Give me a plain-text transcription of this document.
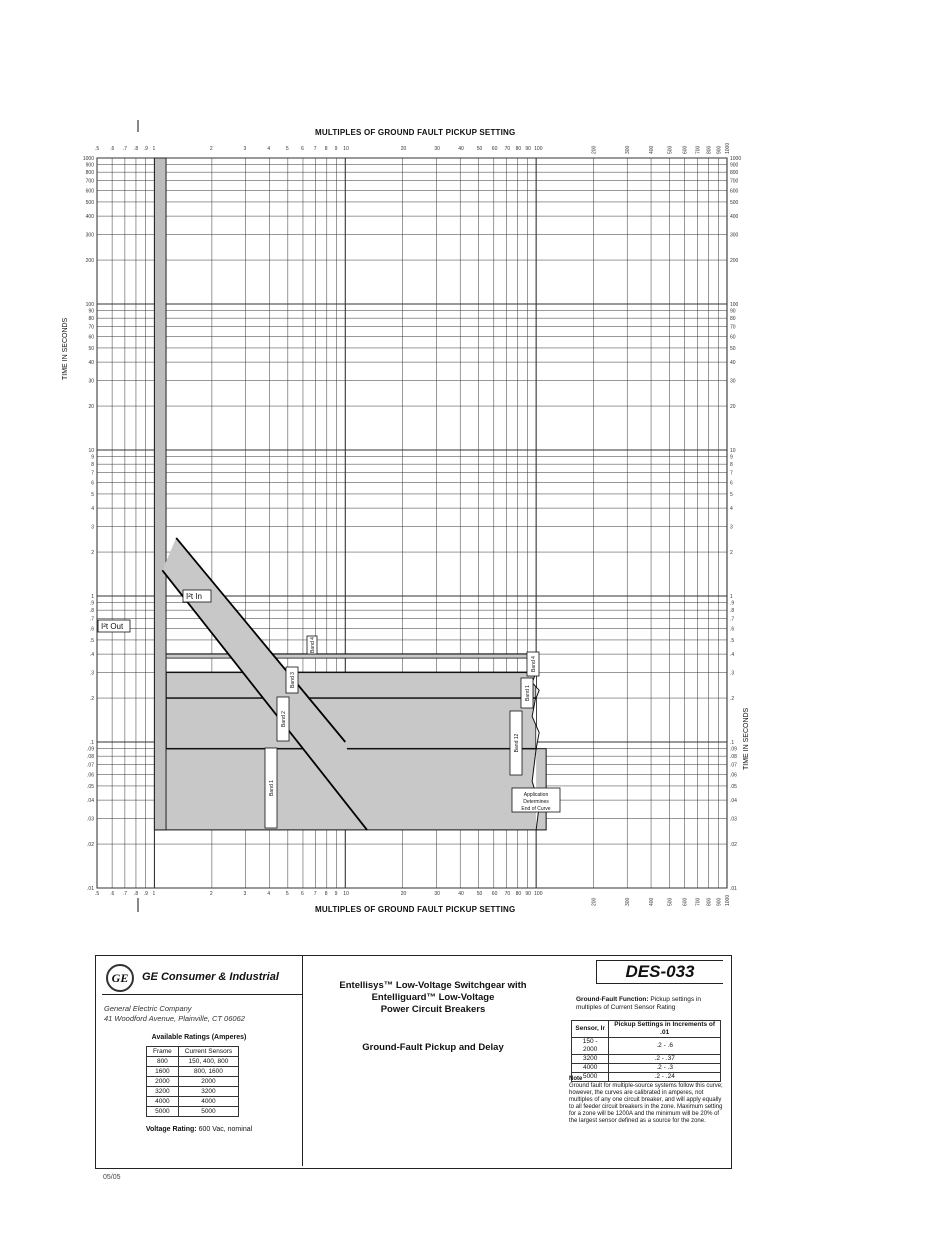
.5
.5
.6
.6
.7
.7
.8
.8
.9
.9
1
1
2
2
3
3
4
4
5
5
6
6
7
7
8
8
9
9
10
10
20
20
30
30
40
40
50
50
60
60
70
70
80
80
90
90
100
100
200
200
300
300
400
400
500
500
600
600
700
700
800
800
900
900
1000
1000
.01	.01
.02	.02
.03	.03
.04	.04
.05	.05
.06	.06
.07	.07
.08	.08
.09	.09
.1	.1
.2	.2
.3	.3
.4	.4
.5	.5
.6	.6
.7	.7
.8	.8
.9	.9
1	1
2	2
3	3
4	4
5	5
6	6
7	7
8	8
9	9
10	10
20	20
30	30
40	40
50	50
60	60
70	70
80	80
90	90
100	100
200	200
300	300
400	400
500	500
600	600
700	700
800	800
900	900
1000	1000
I²t In
I²t Out
Band 1
Band 2
Band 3
Band 4
Band 12
Band 1
Band 4
Application
Determines
End of Curve
MULTIPLES OF GROUND FAULT PICKUP SETTING
MULTIPLES OF GROUND FAULT PICKUP SETTING
TIME IN SECONDS
TIME IN SECONDS
GE	GE Consumer & Industrial
General Electric Company
41 Woodford Avenue, Plainville, CT 06062
Available Ratings (Amperes)
Frame	Current Sensors
800	150, 400, 800
1600	800, 1600
2000	2000
3200	3200
4000	4000
5000	5000
Voltage Rating: 600 Vac, nominal
Entellisys™ Low-Voltage Switchgear with
Entelliguard™ Low-Voltage
Power Circuit Breakers
Ground-Fault Pickup and Delay
DES-033
Ground-Fault Function: Pickup settings in multiples of Current Sensor Rating
Sensor, Ir	Pickup Settings in Increments of .01
150 - 2000	.2 - .6
3200	.2 - .37
4000	.2 - .3
5000	.2 - .24
Note
Ground fault for multiple-source systems follow this curve; however, the curves are calibrated in amperes, not multiples of any one circuit breaker, and will apply equally to all feeder circuit breakers in the zone. Maximum setting for a zone will be 1200A and the minimum will be 20% of the largest sensor defined as a source for the zone.
05/05
